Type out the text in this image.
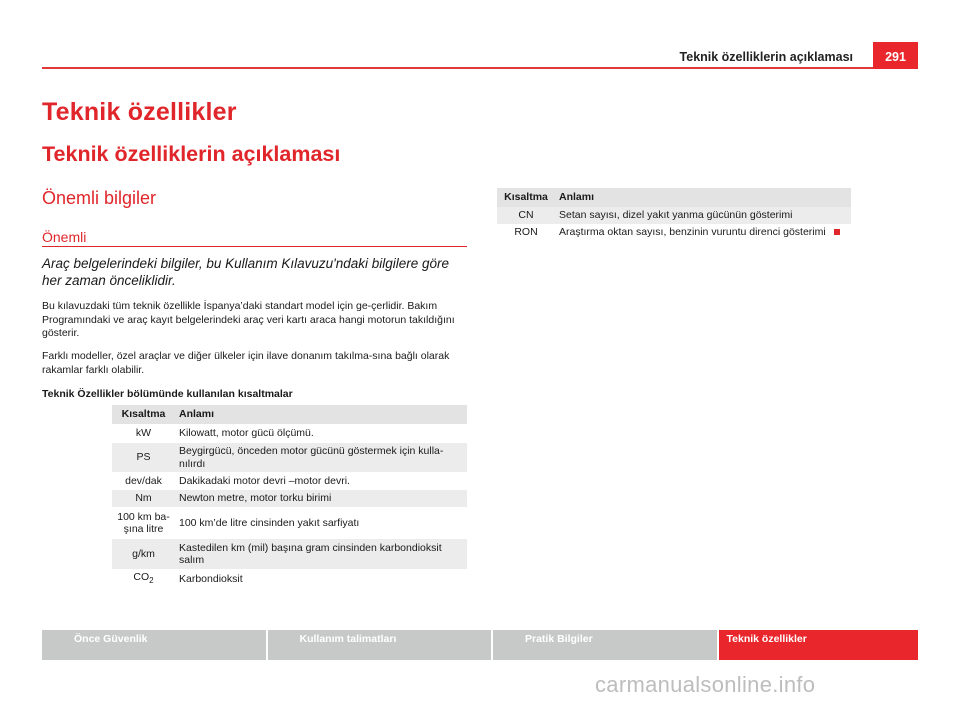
Teknik özelliklerin açıklaması	291
Teknik özellikler
Teknik özelliklerin açıklaması
Önemli bilgiler
Önemli
Araç belgelerindeki bilgiler, bu Kullanım Kılavuzu'ndaki bilgilere göre her zaman önceliklidir.
Bu kılavuzdaki tüm teknik özellikle İspanya’daki standart model için ge-çerlidir. Bakım Programındaki ve araç kayıt belgelerindeki araç veri kartı araca hangi motorun takıldığını gösterir.
Farklı modeller, özel araçlar ve diğer ülkeler için ilave donanım takılma-sına bağlı olarak rakamlar farklı olabilir.
Teknik Özellikler bölümünde kullanılan kısaltmalar
Kısaltma	Anlamı
kW	Kilowatt, motor gücü ölçümü.
PS	Beygirgücü, önceden motor gücünü göstermek için kulla-nılırdı
dev/dak	Dakikadaki motor devri –motor devri.
Nm	Newton metre, motor torku birimi
100 km ba-şına litre	100 km’de litre cinsinden yakıt sarfiyatı
g/km	Kastedilen km (mil) başına gram cinsinden karbondioksit salım
$CO_2$	Karbondioksit
Kısaltma	Anlamı
CN	Setan sayısı, dizel yakıt yanma gücünün gösterimi
RON	Araştırma oktan sayısı, benzinin vuruntu direnci gösterimi
Önce Güvenlik	Kullanım talimatları	Pratik Bilgiler	Teknik özellikler
carmanualsonline.info
